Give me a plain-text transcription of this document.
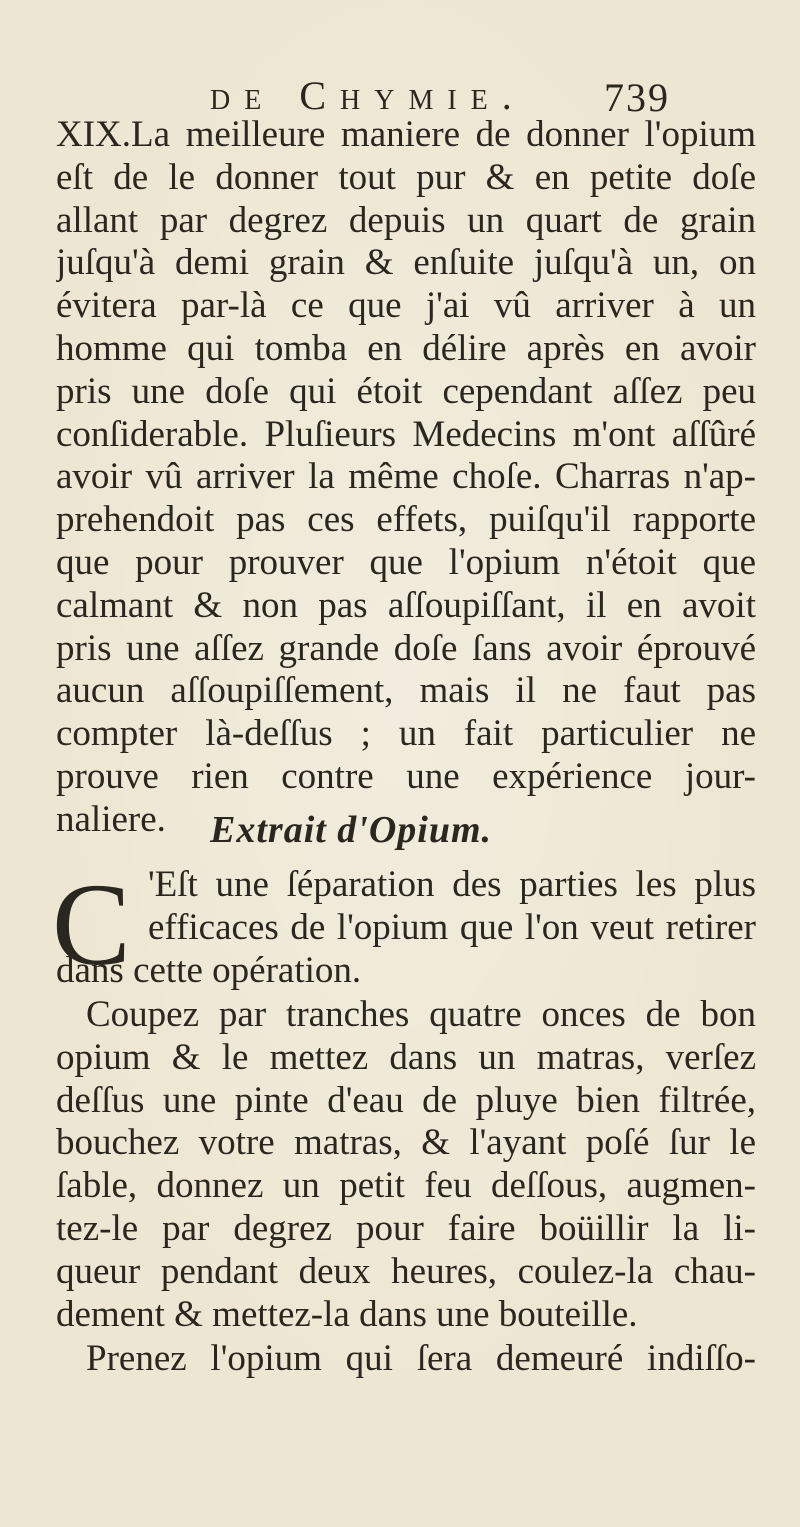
de Chymie. 739
XIX.La meilleure maniere de donner l'opium
eſt de le donner tout pur & en petite doſe
allant par degrez depuis un quart de grain
juſqu'à demi grain & enſuite juſqu'à un, on
évitera par-là ce que j'ai vû arriver à un
homme qui tomba en délire après en avoir
pris une doſe qui étoit cependant aſſez peu
conſiderable. Pluſieurs Medecins m'ont aſſûré
avoir vû arriver la même choſe. Charras n'ap-
prehendoit pas ces effets, puiſqu'il rapporte
que pour prouver que l'opium n'étoit que
calmant & non pas aſſoupiſſant, il en avoit
pris une aſſez grande doſe ſans avoir éprouvé
aucun aſſoupiſſement, mais il ne faut pas
compter là-deſſus ; un fait particulier ne
prouve rien contre une expérience jour-
naliere.	Extrait d'Opium.
C 'Eſt une ſéparation des parties les plus
efficaces de l'opium que l'on veut retirer
dans cette opération.
Coupez par tranches quatre onces de bon
opium & le mettez dans un matras, verſez
deſſus une pinte d'eau de pluye bien filtrée,
bouchez votre matras, & l'ayant poſé ſur le
ſable, donnez un petit feu deſſous, augmen-
tez-le par degrez pour faire boüillir la li-
queur pendant deux heures, coulez-la chau-
dement & mettez-la dans une bouteille.
Prenez l'opium qui ſera demeuré indiſſo-
